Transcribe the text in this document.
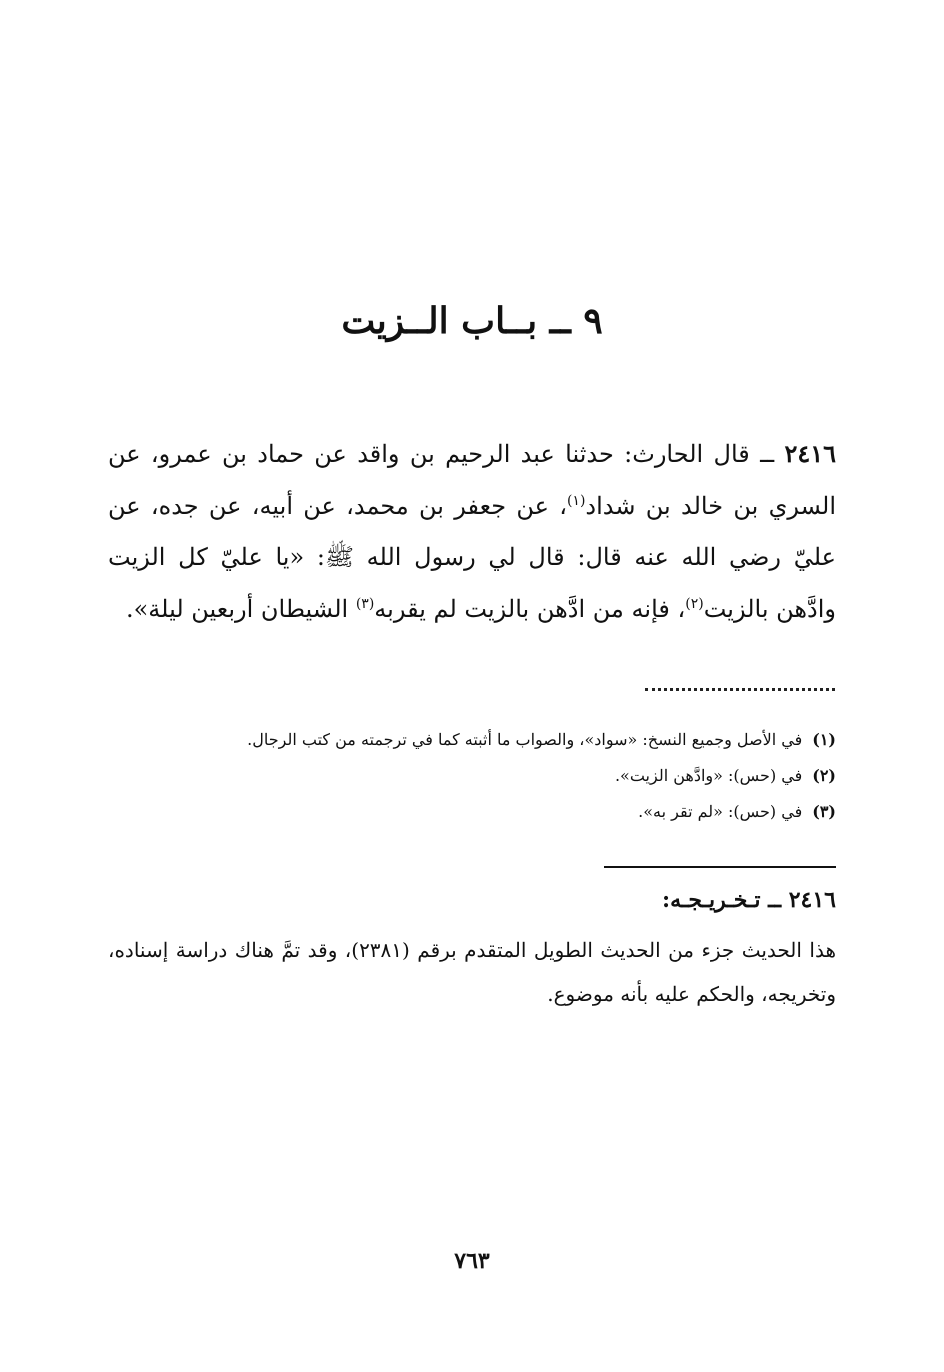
٩ ــ بــاب الــزيت

٢٤١٦ ــ قال الحارث: حدثنا عبد الرحيم بن واقد عن حماد بن عمرو، عن السري بن خالد بن شداد$^{(١)}$، عن جعفر بن محمد، عن أبيه، عن جده، عن عليّ رضي الله عنه قال: قال لي رسول الله ﷺ: «يا عليّ كل الزيت وادَّهن بالزيت$^{(٢)}$، فإنه من ادَّهن بالزيت لم يقربه$^{(٣)}$ الشيطان أربعين ليلة».

(١)في الأصل وجميع النسخ: «سواد»، والصواب ما أثبته كما في ترجمته من كتب الرجال.
(٢)في (حس): «وادَّهن الزيت».
(٣)في (حس): «لم تقر به».
٢٤١٦ ــ تـخـريـجـه:

هذا الحديث جزء من الحديث الطويل المتقدم برقم (٢٣٨١)، وقد تمَّ هناك دراسة إسناده، وتخريجه، والحكم عليه بأنه موضوع.

٧٦٣
